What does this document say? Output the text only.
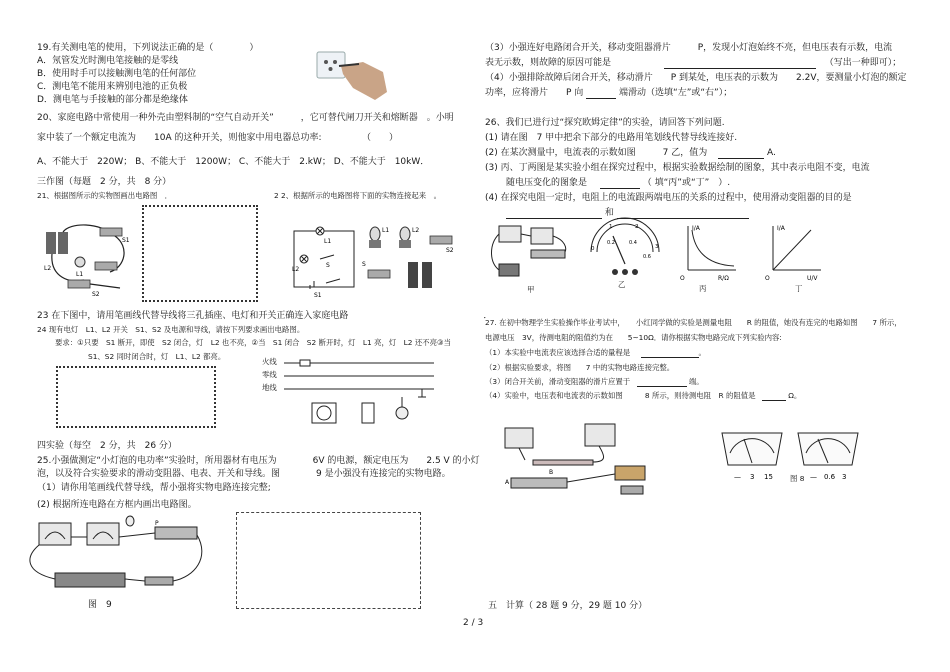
19.有关测电笔的使用，下列说法正确的是（　　　　）
A．氖管发光时测电笔接触的是零线
B．使用时手可以接触测电笔的任何部位
C．测电笔不能用来辨别电池的正负极
D．测电笔与手接触的部分都是绝缘体
20、家庭电路中常使用一种外壳由塑料制的“空气自动开关”　　　，它可替代闸刀开关和熔断器　。小明
家中装了一个额定电流为　　10A 的这种开关，则他家中用电器总功率:　　　　　（　　）
A、不能大于　220W； B、不能大于　1200W； C、不能大于　2.kW； D、不能大于　10kW．
三作图（每题　2 分，共　8 分）
21、根据图所示的实物图画出电路图　．	2 2、根据所示的电路图将下面的实物连接起来　。
L1
L2
S1
S2
L1
L2
S
S1
L1	L2
S2
S
23 在下图中，请用笔画线代替导线将三孔插座、电灯和开关正确连入家庭电路　　　　　　　　　　　　　　　．
24 现有电灯　L1、L2 开关　S1、S2 及电源和导线，请按下列要求画出电路图。
要求：①只要　S1 断开，即使　S2 闭合，灯　L2 也不亮，②当　S1 闭合　S2 断开时，灯　L1 亮，灯　L2 还不亮③当
S1、S2 同时闭合时，灯　L1、L2 都亮。
火线
零线
地线
四实验（每空　2 分，共　26 分）
25.小强做测定“小灯泡的电功率”实验时，所用器材有电压为　　　　6V 的电源，额定电压为　　2.5 V 的小灯
泡，以及符合实验要求的滑动变阻器、电表、开关和导线。图　　　　9 是小强没有连接完的实物电路。
（1）请你用笔画线代替导线，帮小强将实物电路连接完整;
(2) 根据所连电路在方框内画出电路图。
P
图　9
（3）小强连好电路闭合开关，移动变阻器滑片　　　P，发现小灯泡始终不亮，但电压表有示数，电流
表无示数，则故障的原因可能是	（写出一种即可）；
（4）小强排除故障后闭合开关，移动滑片　　P 到某处，电压表的示数为　　2.2V，要测量小灯泡的额定
功率，应将滑片　　P 向	端滑动（选填“左”或“右”）；
26、我们已进行过“探究欧姆定律”的实验，请回答下列问题.
(1) 请在图　7 甲中把余下部分的电路用笔划线代替导线连接好.
(2) 在某次测量中，电流表的示数如图　　　7 乙，值为	A.
(3) 丙、丁两图是某实验小组在探究过程中，根据实验数据绘制的图象，其中表示电阻不变，电流
随电压变化的图象是	（ 填“丙”或“丁”　）.
(4) 在探究电阻一定时，电阻上的电流跟两端电压的关系的过程中，使用滑动变阻器的目的是
和
甲
0
1	2
3
0.2	0.4
0.6
乙
I/A
R/Ω
O
丙
I/A
U/V
O
丁
27. 在初中物理学生实验操作毕业考试中，　　小红同学做的实验是测量电阻　　R 的阻值，她没有连完的电路如图　　7 所示，
电源电压　3V，待测电阻的阻值约为在　　5~10Ω．请你根据实物电路完成下列实验内容:
（1）本实验中电流表应该选择合适的量程是	。
（2）根据实验要求，将图　　7 中的实物电路连接完整。
（3）闭合开关前，滑动变阻器的滑片应置于	端。
（4）实验中，电压表和电流表的示数如图　　　8 所示，则待测电阻　R 的阻值是	Ω。
A
B
— 3 15	— 0.6 3
图 8
五　计算（ 28 题 9 分，29 题 10 分）
2 / 3
